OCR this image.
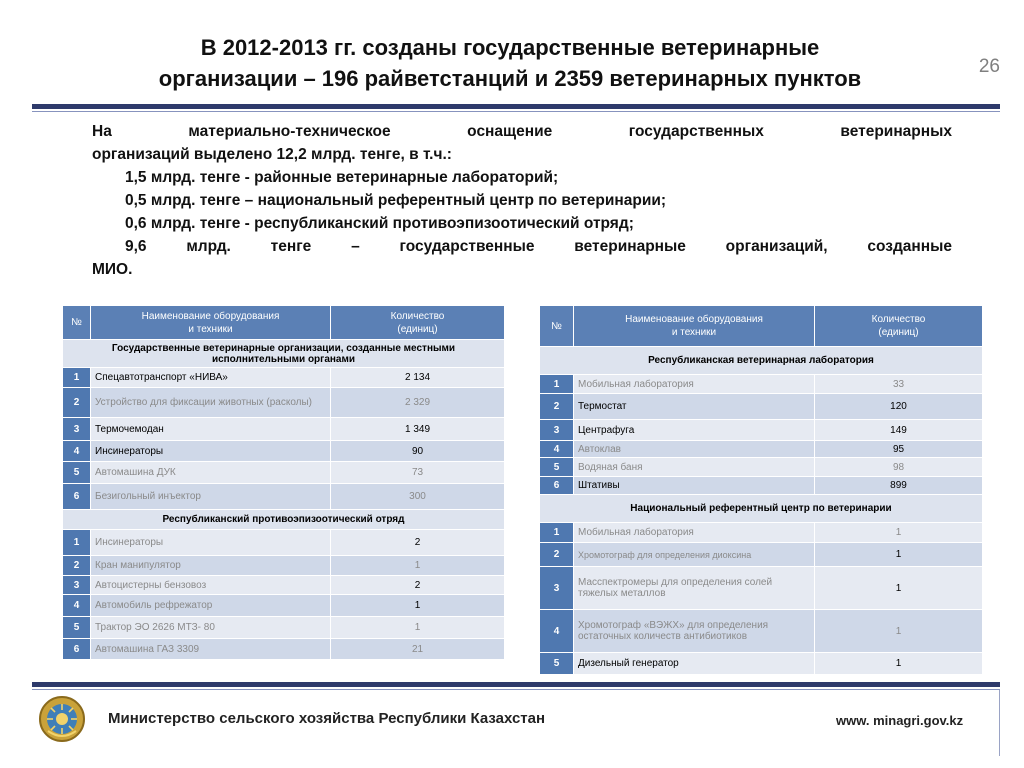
В 2012-2013 гг. созданы государственные ветеринарные
организации – 196 райветстанций и 2359 ветеринарных пунктов	26
На материально-техническое оснащение государственных ветеринарных
организаций выделено 12,2 млрд. тенге, в т.ч.:
1,5 млрд. тенге - районные ветеринарные лабораторий;
0,5 млрд. тенге – национальный референтный центр по ветеринарии;
0,6 млрд. тенге - республиканский противоэпизоотический отряд;
9,6 млрд. тенге – государственные ветеринарные организаций, созданные
МИО.
№	Наименование оборудования
и техники	Количество
(единиц)
Государственные ветеринарные организации, созданные местными исполнительными органами		
1	Спецавтотранспорт «НИВА»	2 134
2	Устройство для фиксации животных (расколы)	2 329
3	Термочемодан	1 349
4	Инсинераторы	90
5	Автомашина ДУК	73
6	Безигольный инъектор	300
Республиканский противоэпизоотический отряд		
1	Инсинераторы	2
2	Кран манипулятор	1
3	Автоцистерны бензовоз	2
4	Автомобиль рефрежатор	1
5	Трактор ЭО 2626 МТЗ- 80	1
6	Автомашина ГАЗ 3309	21
№	Наименование оборудования
и техники	Количество
(единиц)
Республиканская ветеринарная лаборатория		
1	Мобильная лаборатория	33
2	Термостат	120
3	Центрафуга	149
4	Автоклав	95
5	Водяная баня	98
6	Штативы	899
Национальный референтный центр по ветеринарии		
1	Мобильная лаборатория	1
2	Хромотограф для определения диоксина	1
3	Масспектромеры для определения солей тяжелых металлов	1
4	Хромотограф «ВЭЖХ» для определения остаточных количеств антибиотиков	1
5	Дизельный генератор	1
Министерство сельского хозяйства Республики Казахстан	www. minagri.gov.kz
